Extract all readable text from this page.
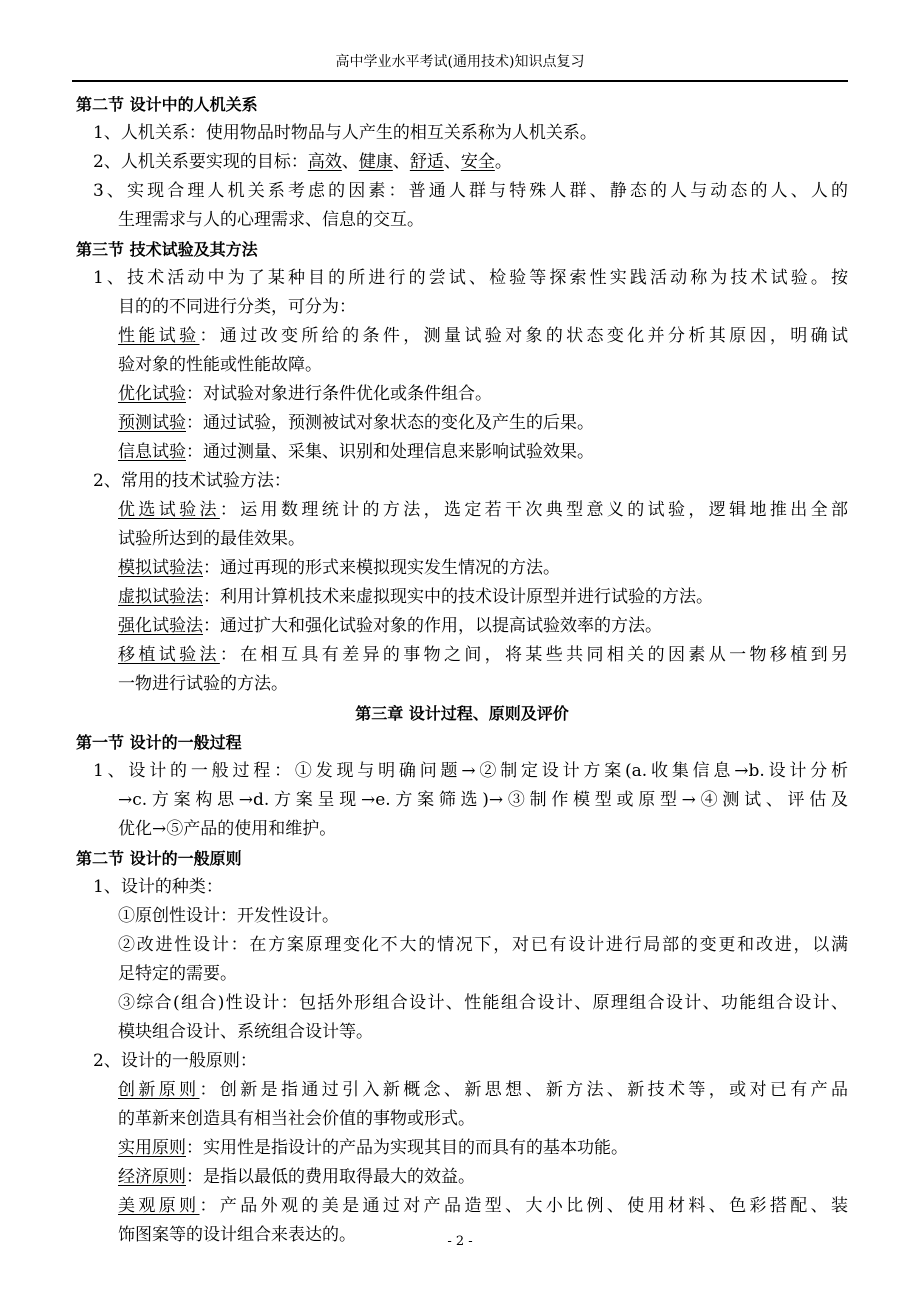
高中学业水平考试(通用技术)知识点复习
第二节 设计中的人机关系
1、人机关系：使用物品时物品与人产生的相互关系称为人机关系。
2、人机关系要实现的目标：高效、健康、舒适、安全。
3、实现合理人机关系考虑的因素：普通人群与特殊人群、静态的人与动态的人、人的
生理需求与人的心理需求、信息的交互。
第三节 技术试验及其方法
1、技术活动中为了某种目的所进行的尝试、检验等探索性实践活动称为技术试验。按
目的的不同进行分类，可分为：
性能试验：通过改变所给的条件，测量试验对象的状态变化并分析其原因，明确试
验对象的性能或性能故障。
优化试验：对试验对象进行条件优化或条件组合。
预测试验：通过试验，预测被试对象状态的变化及产生的后果。
信息试验：通过测量、采集、识别和处理信息来影响试验效果。
2、常用的技术试验方法：
优选试验法：运用数理统计的方法，选定若干次典型意义的试验，逻辑地推出全部
试验所达到的最佳效果。
模拟试验法：通过再现的形式来模拟现实发生情况的方法。
虚拟试验法：利用计算机技术来虚拟现实中的技术设计原型并进行试验的方法。
强化试验法：通过扩大和强化试验对象的作用，以提高试验效率的方法。
移植试验法：在相互具有差异的事物之间，将某些共同相关的因素从一物移植到另
一物进行试验的方法。
第三章 设计过程、原则及评价
第一节 设计的一般过程
1、设计的一般过程：①发现与明确问题→②制定设计方案(a.收集信息→b.设计分析
→c.方案构思→d.方案呈现→e.方案筛选)→③制作模型或原型→④测试、评估及
优化→⑤产品的使用和维护。
第二节 设计的一般原则
1、设计的种类：
①原创性设计：开发性设计。
②改进性设计：在方案原理变化不大的情况下，对已有设计进行局部的变更和改进，以满
足特定的需要。
③综合(组合)性设计：包括外形组合设计、性能组合设计、原理组合设计、功能组合设计、
模块组合设计、系统组合设计等。
2、设计的一般原则：
创新原则：创新是指通过引入新概念、新思想、新方法、新技术等，或对已有产品
的革新来创造具有相当社会价值的事物或形式。
实用原则：实用性是指设计的产品为实现其目的而具有的基本功能。
经济原则：是指以最低的费用取得最大的效益。
美观原则：产品外观的美是通过对产品造型、大小比例、使用材料、色彩搭配、装
饰图案等的设计组合来表达的。	- 2 -
